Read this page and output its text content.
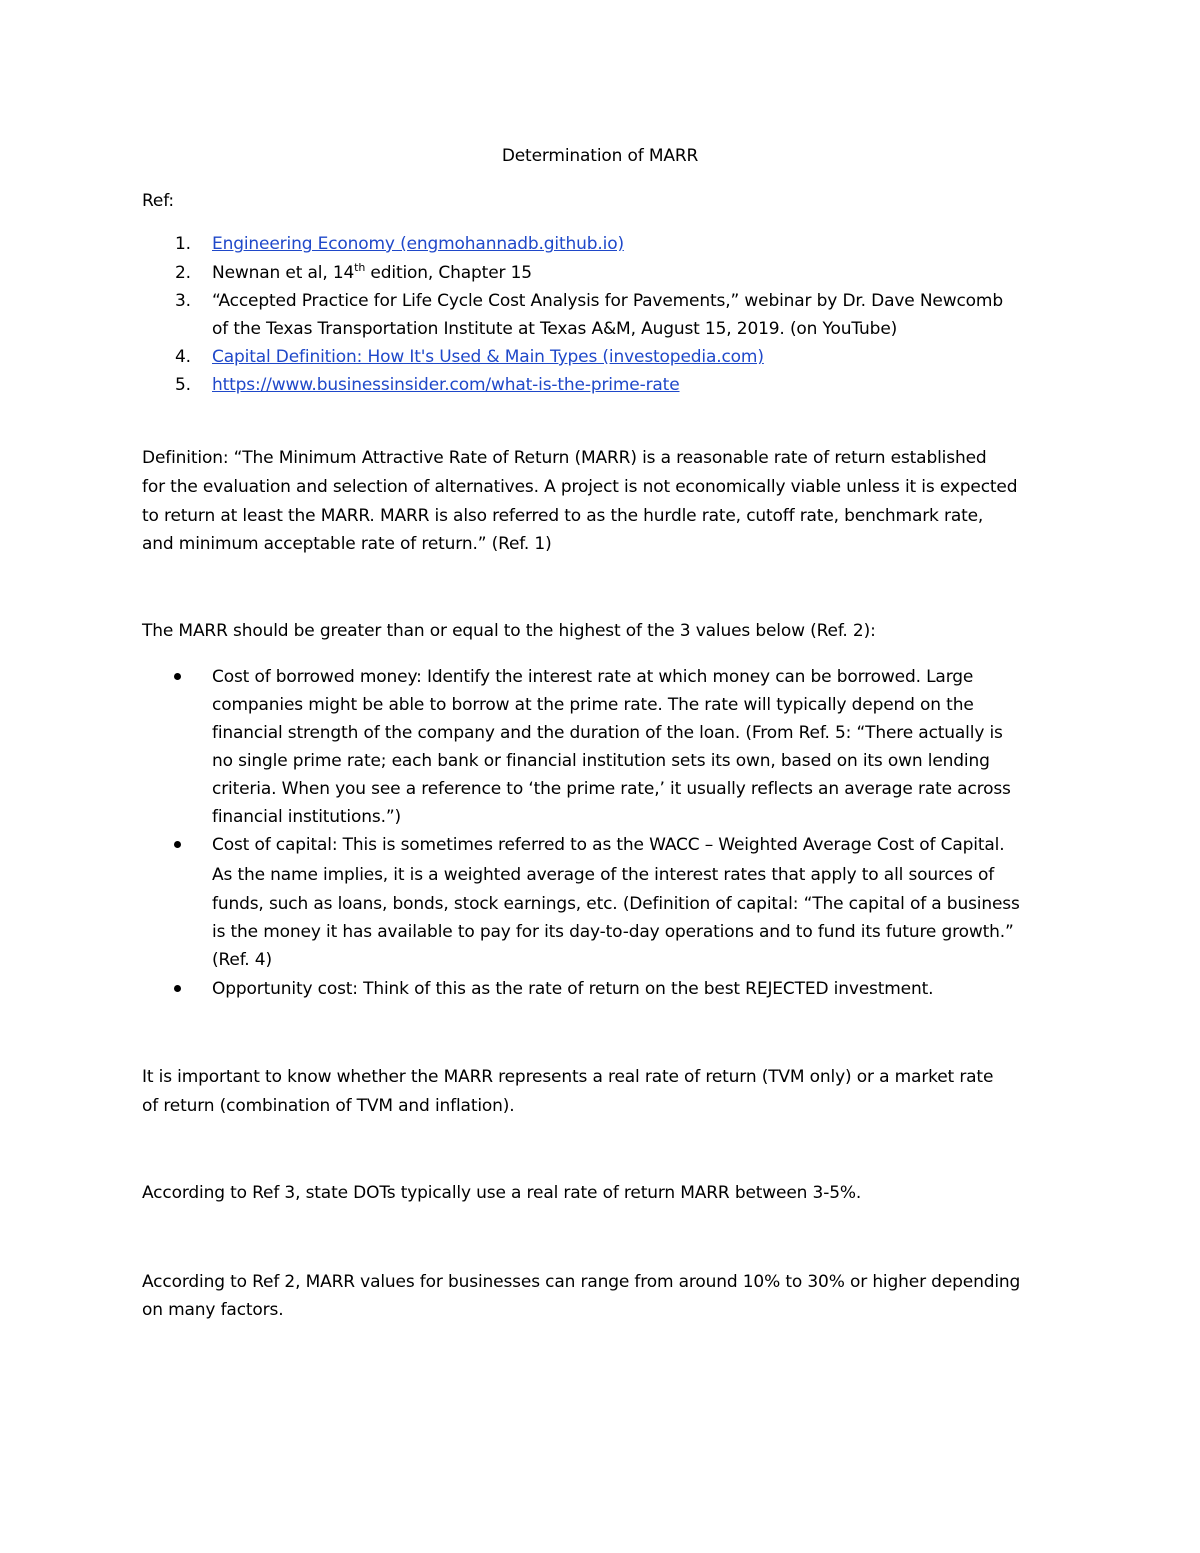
Determination of MARR

Ref:

1. Engineering Economy (engmohannadb.github.io)

2. Newnan et al, 14th edition, Chapter 15

3. “Accepted Practice for Life Cycle Cost Analysis for Pavements,” webinar by Dr. Dave Newcomb

of the Texas Transportation Institute at Texas A&M, August 15, 2019. (on YouTube)

4. Capital Definition: How It's Used & Main Types (investopedia.com)

5. https://www.businessinsider.com/what-is-the-prime-rate

Definition: “The Minimum Attractive Rate of Return (MARR) is a reasonable rate of return established

for the evaluation and selection of alternatives. A project is not economically viable unless it is expected

to return at least the MARR. MARR is also referred to as the hurdle rate, cutoff rate, benchmark rate,

and minimum acceptable rate of return.” (Ref. 1)

The MARR should be greater than or equal to the highest of the 3 values below (Ref. 2):

Cost of borrowed money: Identify the interest rate at which money can be borrowed. Large

companies might be able to borrow at the prime rate. The rate will typically depend on the

financial strength of the company and the duration of the loan. (From Ref. 5: “There actually is

no single prime rate; each bank or financial institution sets its own, based on its own lending

criteria. When you see a reference to ‘the prime rate,’ it usually reflects an average rate across

financial institutions.”)

Cost of capital: This is sometimes referred to as the WACC – Weighted Average Cost of Capital.

As the name implies, it is a weighted average of the interest rates that apply to all sources of

funds, such as loans, bonds, stock earnings, etc. (Definition of capital: “The capital of a business

is the money it has available to pay for its day-to-day operations and to fund its future growth.”

(Ref. 4)

Opportunity cost: Think of this as the rate of return on the best REJECTED investment.

It is important to know whether the MARR represents a real rate of return (TVM only) or a market rate

of return (combination of TVM and inflation).

According to Ref 3, state DOTs typically use a real rate of return MARR between 3-5%.

According to Ref 2, MARR values for businesses can range from around 10% to 30% or higher depending

on many factors.
